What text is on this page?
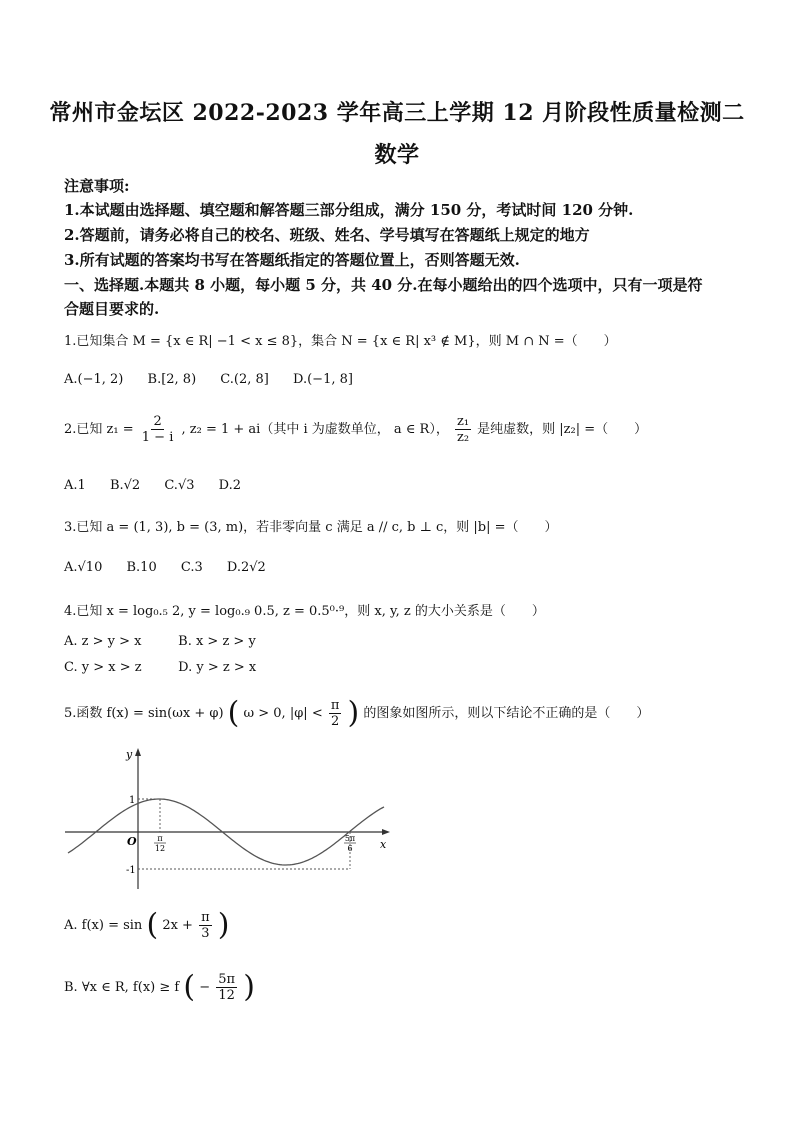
常州市金坛区 2022-2023 学年高三上学期 12 月阶段性质量检测二
数学
注意事项:
1.本试题由选择题、填空题和解答题三部分组成，满分 150 分，考试时间 120 分钟.
2.答题前，请务必将自己的校名、班级、姓名、学号填写在答题纸上规定的地方
3.所有试题的答案均书写在答题纸指定的答题位置上，否则答题无效.
一、选择题.本题共 8 小题，每小题 5 分，共 40 分.在每小题给出的四个选项中，只有一项是符
合题目要求的.
1.已知集合 M = {x ∈ R| −1 < x ≤ 8}，集合 N = {x ∈ R| x³ ∉ M}，则 M ∩ N =（　　）
A.(−1, 2) B.[2, 8) C.(2, 8] D.(−1, 8]
2.已知 $z_1 = \frac{2}{1 - i}$ , z₂ = 1 + ai（其中 i 为虚数单位， a ∈ R）， $\frac{\text{z₁}}{\text{z₂}}$ 是纯虚数，则 |z₂| =（　　）
A.1 B.√2 C.√3 D.2
3.已知 a = (1, 3), b = (3, m)，若非零向量 c 满足 a // c, b ⊥ c，则 |b| =（　　）
A.√10 B.10 C.3 D.2√2
4.已知 x = log₀.₅ 2, y = log₀.₉ 0.5, z = 0.5⁰·⁹，则 x, y, z 的大小关系是（　　）
A. z > y > x	B. x > z > y
C. y > x > z	D. y > z > x
5.函数 f(x) = sin(ωx + φ) ( ω > 0, $|\varphi| < \frac{\pi}{2}$ ) 的图象如图所示，则以下结论不正确的是（　　）
y
x
O
1
-1
π
12
5π
6
A. f(x) = sin ( $2x + \frac{\pi}{3}$ )
B. ∀x ∈ R, f(x) ≥ f ( − $\frac{5\pi}{12}$ )
